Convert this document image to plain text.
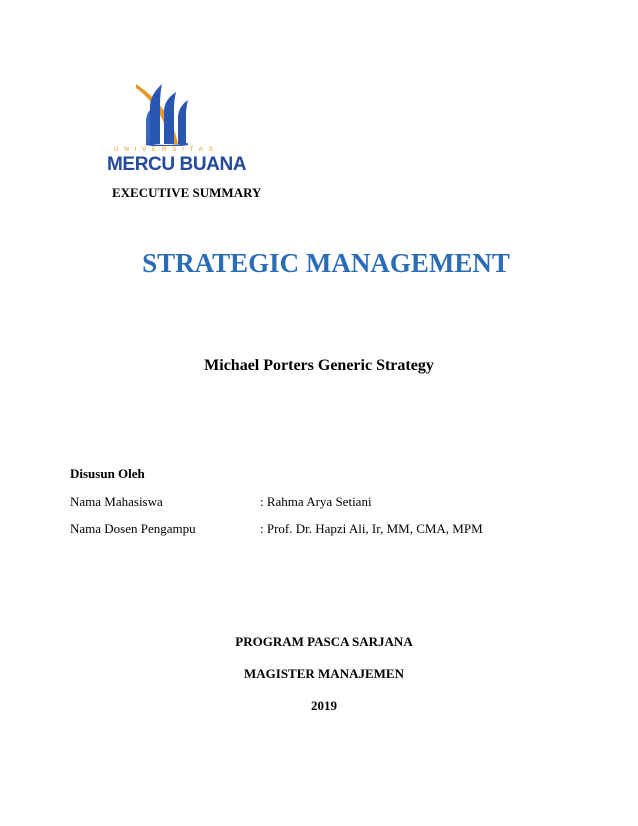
UNIVERSITAS
MERCU BUANA
EXECUTIVE SUMMARY
STRATEGIC MANAGEMENT
Michael Porters Generic Strategy
Disusun Oleh
Nama Mahasiswa	: Rahma Arya Setiani
Nama Dosen Pengampu	: Prof. Dr. Hapzi Ali, Ir, MM, CMA, MPM
PROGRAM PASCA SARJANA
MAGISTER MANAJEMEN
2019
